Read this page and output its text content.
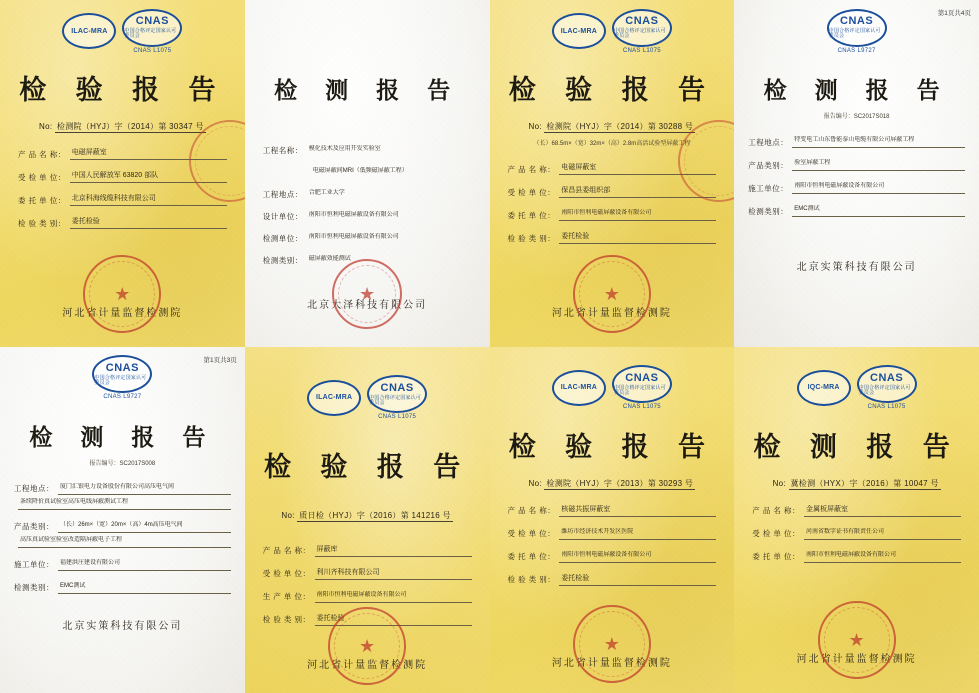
ILAC-MRA
CNAS
中国合格评定国家认可委员会
CNAS L1075
检 验 报 告
No: 检测院（HYJ）字（2014）第 30347 号
产 品 名 称： 电磁屏蔽室
受 检 单 位： 中国人民解放军 63820 部队
委 托 单 位： 北京科海线缆科技有限公司
检 验 类 别： 委托检验
河北省计量监督检测院
★
检 测 报 告
工程名称：	模化技术及应用开发实验室
电磁屏蔽间MRI（低频磁屏蔽工程）
工程地点：	合肥工业大学
设计单位：	南阳市恒利电磁屏蔽设备有限公司
检测单位：	南阳市恒利电磁屏蔽设备有限公司
检测类别：	磁屏蔽效能测试
北京大泽科技有限公司
★
ILAC-MRA
CNAS
中国合格评定国家认可委员会
CNAS L1075
检 验 报 告
No: 检测院（HYJ）字（2014）第 30288 号
（长）68.5m×（宽）32m×（高）2.8m高活试验型屏蔽工程
产 品 名 称： 电磁屏蔽室
受 检 单 位： 保昌县委组织部
委 托 单 位：	南阳市恒利电磁屏蔽设备有限公司
检 验 类 别： 委托检验
河北省计量监督检测院
★
第1页共4页
CNAS
中国合格评定国家认可委员会
CNAS L9727
检 测 报 告
报告编号：SC2017S018
工程地点：	特变电工山东鲁能泰山电缆有限公司屏蔽工程
产品类别：	验室屏蔽工程
施工单位：	南阳市恒利电磁屏蔽设备有限公司
检测类别：	EMC测试
北京实策科技有限公司
第1页共3页
CNAS
中国合格评定国家认可委员会
CNAS L9727
检 测 报 告
报告编号：SC2017S008
工程地点：	厦门汇银电力设备股份有限公司高压电气间
条续降价真试验室高压电线屏蔽测试工程
产品类别：	（长）26m×（宽）20m×（高）4m高压电气间
高压真试验室验室改造隔屏蔽电子工程
施工单位：	福建洪庄建设有限公司
检测类别：	EMC测试
北京实策科技有限公司
ILAC-MRA
CNAS
中国合格评定国家认可委员会
CNAS L1075
检 验 报 告
No: 质日检（HYJ）字（2016）第 141216 号
产 品 名 称： 屏蔽库
受 检 单 位： 利川齐科技有限公司
生 产 单 位：	南阳市恒利电磁屏蔽设备有限公司
检 验 类 别： 委托检验
河北省计量监督检测院
★
ILAC-MRA
CNAS
中国合格评定国家认可委员会
CNAS L1075
检 验 报 告
No: 检测院（HYJ）字（2013）第 30293 号
产 品 名 称： 核磁共振屏蔽室
受 检 单 位：	潍坊市经济技术开发区医院
委 托 单 位：	南阳市恒利电磁屏蔽设备有限公司
检 验 类 别： 委托检验
河北省计量监督检测院
★
IQC-MRA
CNAS
中国合格评定国家认可委员会
CNAS L1075
检 测 报 告
No: 冀检测（HYX）字（2016）第 10047 号
产 品 名 称： 金属板屏蔽室
受 检 单 位：	河南省数字证书有限责任公司
委 托 单 位：	南阳市恒利电磁屏蔽设备有限公司
河北省计量监督检测院
★
